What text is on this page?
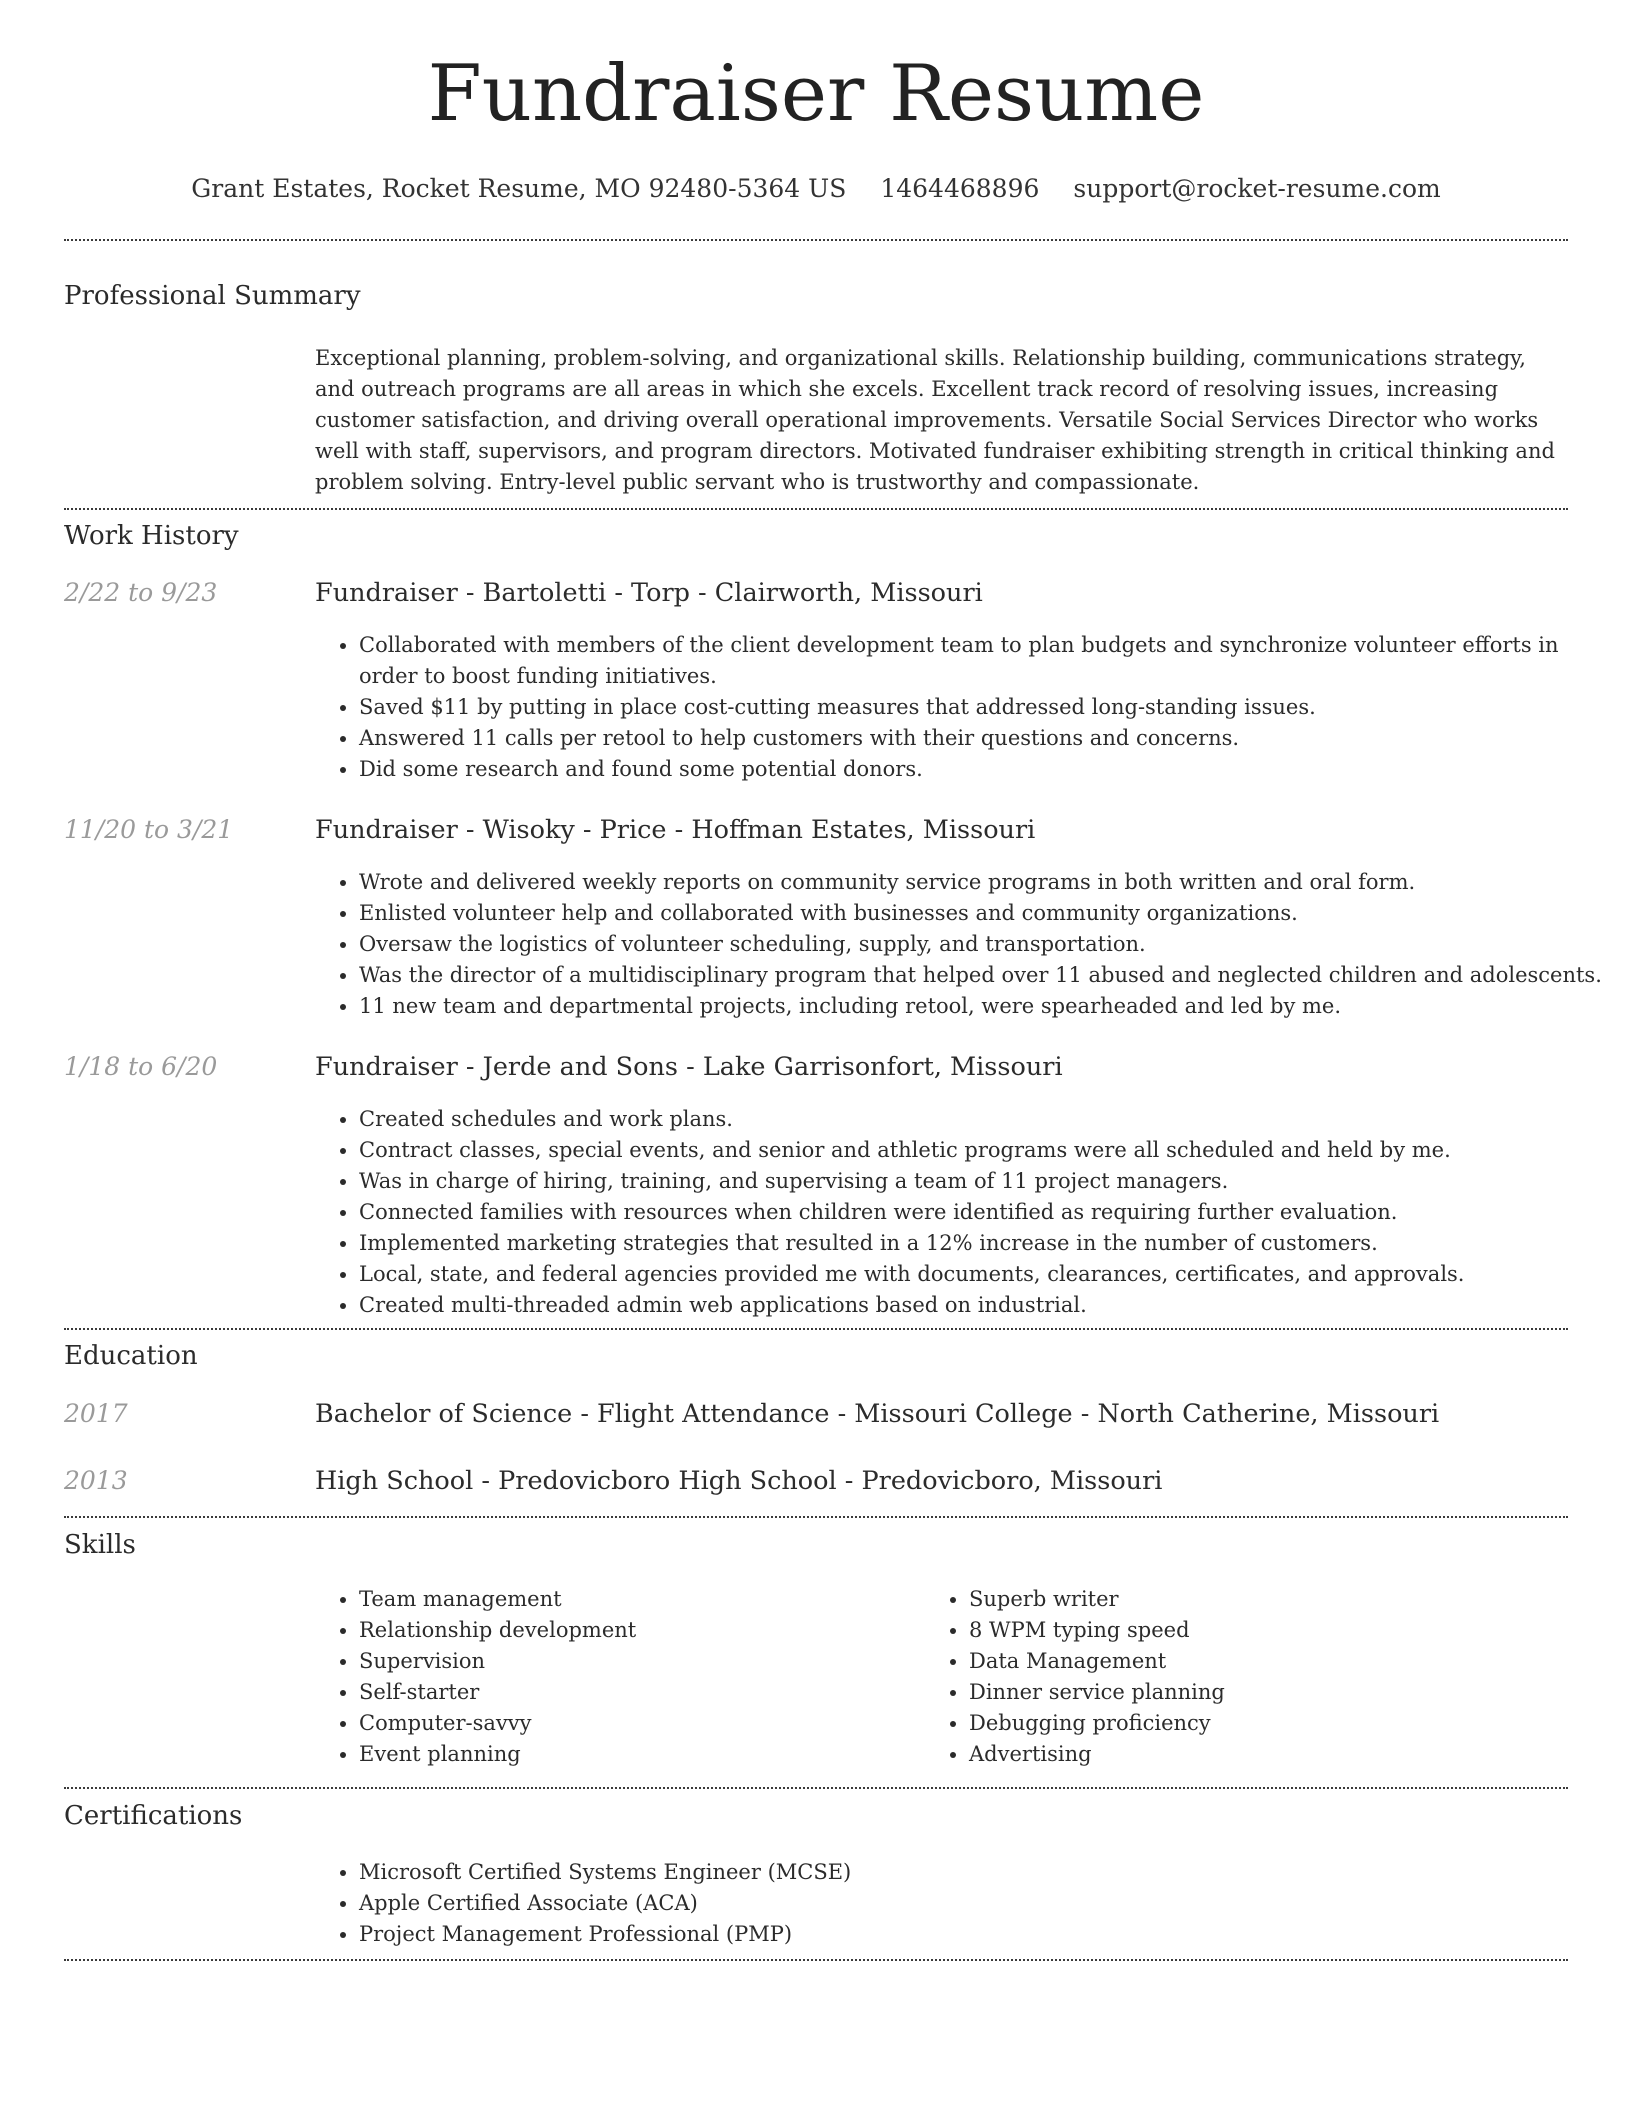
Fundraiser Resume
Grant Estates, Rocket Resume, MO 92480-5364 US 1464468896 support@rocket-resume.com
Professional Summary
Exceptional planning, problem-solving, and organizational skills. Relationship building, communications strategy, and outreach programs are all areas in which she excels. Excellent track record of resolving issues, increasing customer satisfaction, and driving overall operational improvements. Versatile Social Services Director who works well with staff, supervisors, and program directors. Motivated fundraiser exhibiting strength in critical thinking and problem solving. Entry-level public servant who is trustworthy and compassionate.
Work History
2/22 to 9/23	Fundraiser - Bartoletti - Torp - Clairworth, Missouri
• Collaborated with members of the client development team to plan budgets and synchronize volunteer efforts in order to boost funding initiatives.
• Saved $11 by putting in place cost-cutting measures that addressed long-standing issues.
• Answered 11 calls per retool to help customers with their questions and concerns.
• Did some research and found some potential donors.
11/20 to 3/21	Fundraiser - Wisoky - Price - Hoffman Estates, Missouri
• Wrote and delivered weekly reports on community service programs in both written and oral form.
• Enlisted volunteer help and collaborated with businesses and community organizations.
• Oversaw the logistics of volunteer scheduling, supply, and transportation.
• Was the director of a multidisciplinary program that helped over 11 abused and neglected children and adolescents.
• 11 new team and departmental projects, including retool, were spearheaded and led by me.
1/18 to 6/20	Fundraiser - Jerde and Sons - Lake Garrisonfort, Missouri
• Created schedules and work plans.
• Contract classes, special events, and senior and athletic programs were all scheduled and held by me.
• Was in charge of hiring, training, and supervising a team of 11 project managers.
• Connected families with resources when children were identified as requiring further evaluation.
• Implemented marketing strategies that resulted in a 12% increase in the number of customers.
• Local, state, and federal agencies provided me with documents, clearances, certificates, and approvals.
• Created multi-threaded admin web applications based on industrial.
Education
2017	Bachelor of Science - Flight Attendance - Missouri College - North Catherine, Missouri
2013	High School - Predovicboro High School - Predovicboro, Missouri
Skills
• Team management
• Relationship development
• Supervision
• Self-starter
• Computer-savvy
• Event planning
• Superb writer
• 8 WPM typing speed
• Data Management
• Dinner service planning
• Debugging proficiency
• Advertising
Certifications
• Microsoft Certified Systems Engineer (MCSE)
• Apple Certified Associate (ACA)
• Project Management Professional (PMP)
